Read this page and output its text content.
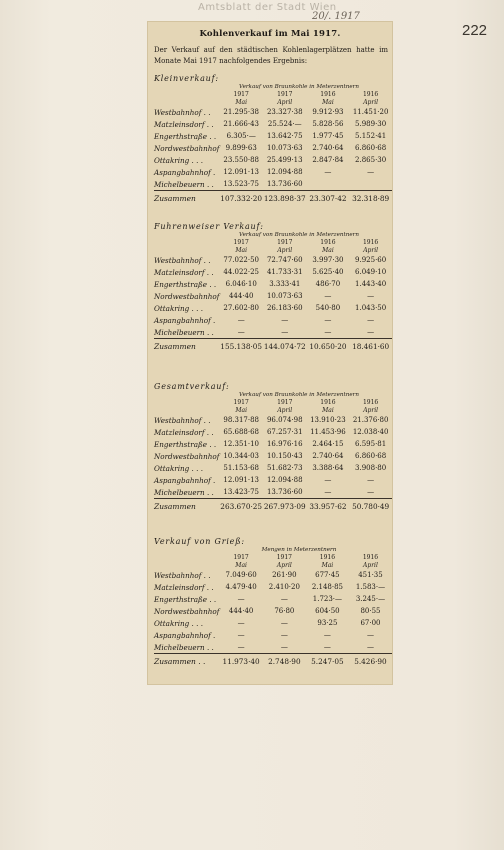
Amtsblatt der Stadt Wien
20/. 1917
222
Kohlenverkauf im Mai 1917.
Der Verkauf auf den städtischen Kohlenlagerplätzen hatte im Monate Mai 1917 nachfolgendes Ergebnis:
Kleinverkauf:
Verkauf von Braunkohle in Meterzentnern
	1917	1917	1916	1916
	Mai	April	Mai	April
Westbahnhof . .	21.295·38	23.327·38	9.912·93	11.451·20
Matzleinsdorf . .	21.666·43	25.524·—	5.828·56	5.989·30
Engerthstraße . .	6.305·—	13.642·75	1.977·45	5.152·41
Nordwestbahnhof	9.899·63	10.073·63	2.740·64	6.860·68
Ottakring . . .	23.550·88	25.499·13	2.847·84	2.865·30
Aspangbahnhof .	12.091·13	12.094·88	—	—
Michelbeuern . .	13.523·75	13.736·60		
Zusammen	107.332·20	123.898·37	23.307·42	32.318·89
Fuhrenweiser Verkauf:
Verkauf von Braunkohle in Meterzentnern
	1917	1917	1916	1916
	Mai	April	Mai	April
Westbahnhof . .	77.022·50	72.747·60	3.997·30	9.925·60
Matzleinsdorf . .	44.022·25	41.733·31	5.625·40	6.049·10
Engerthstraße . .	6.046·10	3.333·41	486·70	1.443·40
Nordwestbahnhof	444·40	10.073·63	—	—
Ottakring . . .	27.602·80	26.183·60	540·80	1.043·50
Aspangbahnhof .	—	—	—	—
Michelbeuern . .	—	—	—	—
Zusammen	155.138·05	144.074·72	10.650·20	18.461·60
Gesamtverkauf:
Verkauf von Braunkohle in Meterzentnern
	1917	1917	1916	1916
	Mai	April	Mai	April
Westbahnhof . .	98.317·88	96.074·98	13.910·23	21.376·80
Matzleinsdorf . .	65.688·68	67.257·31	11.453·96	12.038·40
Engerthstraße . .	12.351·10	16.976·16	2.464·15	6.595·81
Nordwestbahnhof	10.344·03	10.150·43	2.740·64	6.860·68
Ottakring . . .	51.153·68	51.682·73	3.388·64	3.908·80
Aspangbahnhof .	12.091·13	12.094·88	—	—
Michelbeuern . .	13.423·75	13.736·60	—	—
Zusammen	263.670·25	267.973·09	33.957·62	50.780·49
Verkauf von Grieß:
Mengen in Meterzentnern
	1917	1917	1916	1916
	Mai	April	Mai	April
Westbahnhof . .	7.049·60	261·90	677·45	451·35
Matzleinsdorf . .	4.479·40	2.410·20	2.148·85	1.583·—
Engerthstraße . .	—	—	1.723·—	3.245·—
Nordwestbahnhof	444·40	76·80	604·50	80·55
Ottakring . . .	—	—	93·25	67·00
Aspangbahnhof .	—	—	—	—
Michelbeuern . .	—	—	—	—
Zusammen . .	11.973·40	2.748·90	5.247·05	5.426·90
